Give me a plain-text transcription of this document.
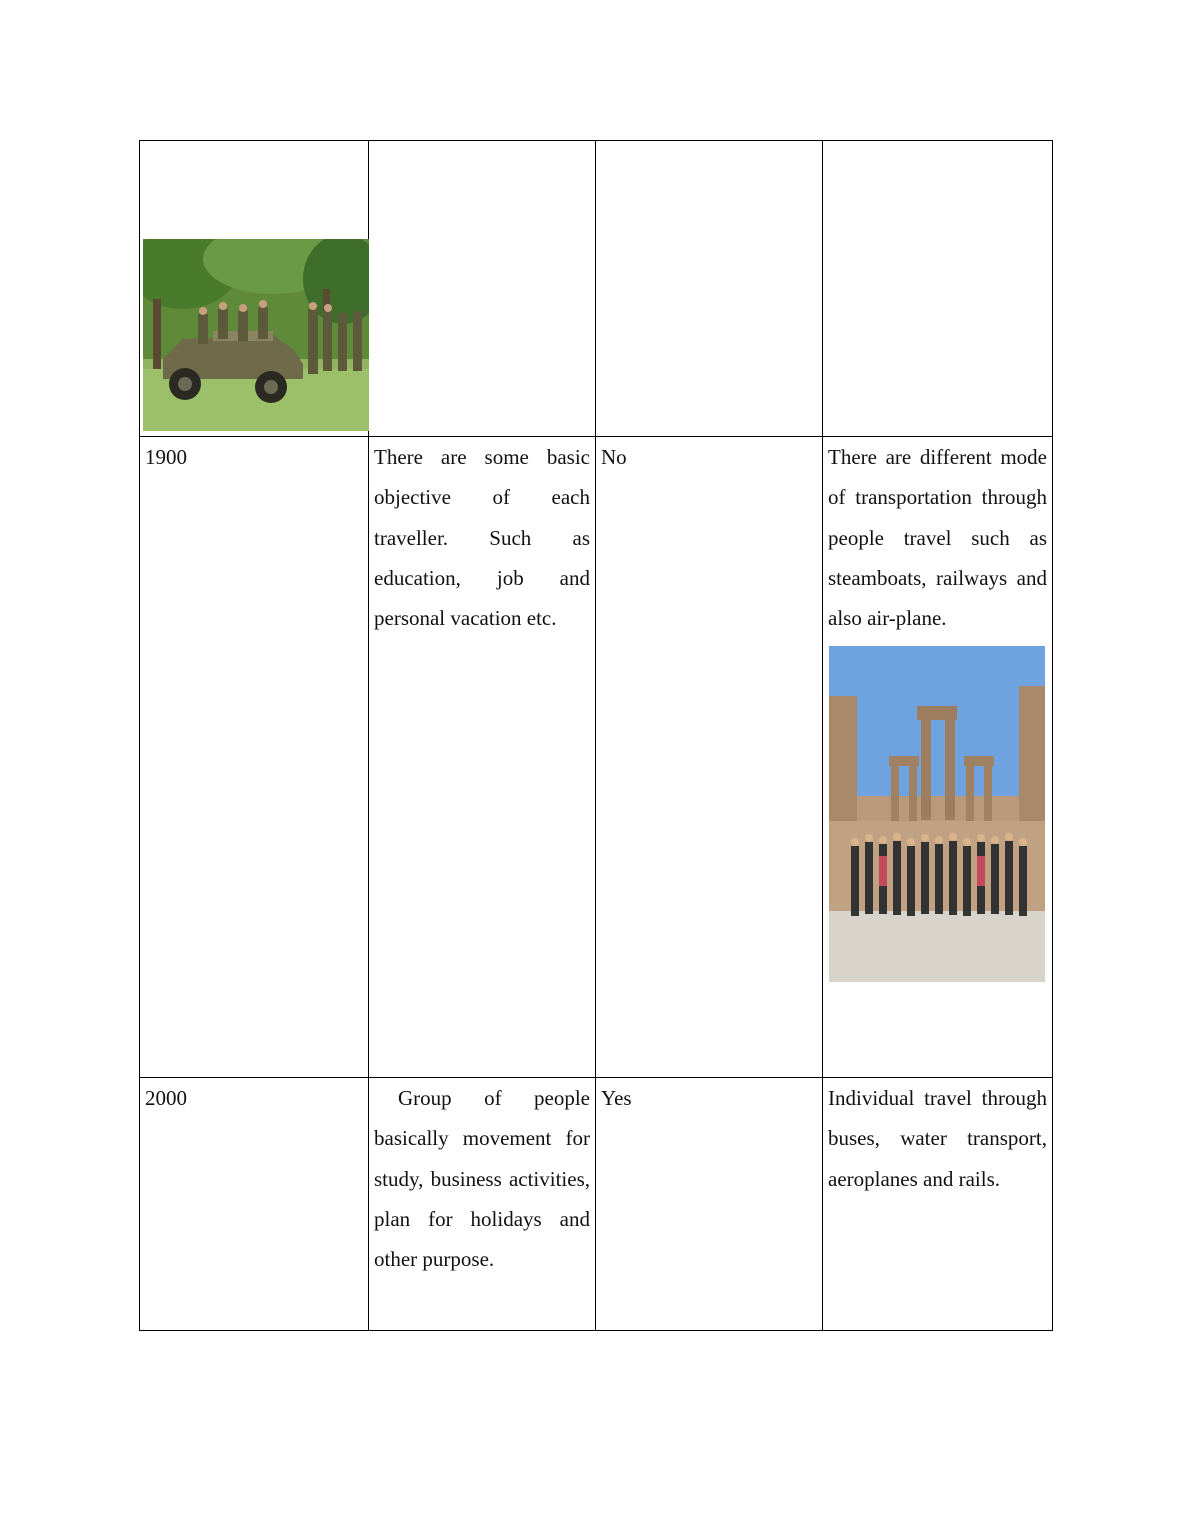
1900	There are some basic objective of each traveller. Such as education, job and personal vacation etc.	No	There are different mode of transportation through people travel such as steamboats, railways and also air-plane.

2000	Group of people basically movement for study, business activities, plan for holidays and other purpose.	Yes	Individual travel through buses, water transport, aeroplanes and rails.
